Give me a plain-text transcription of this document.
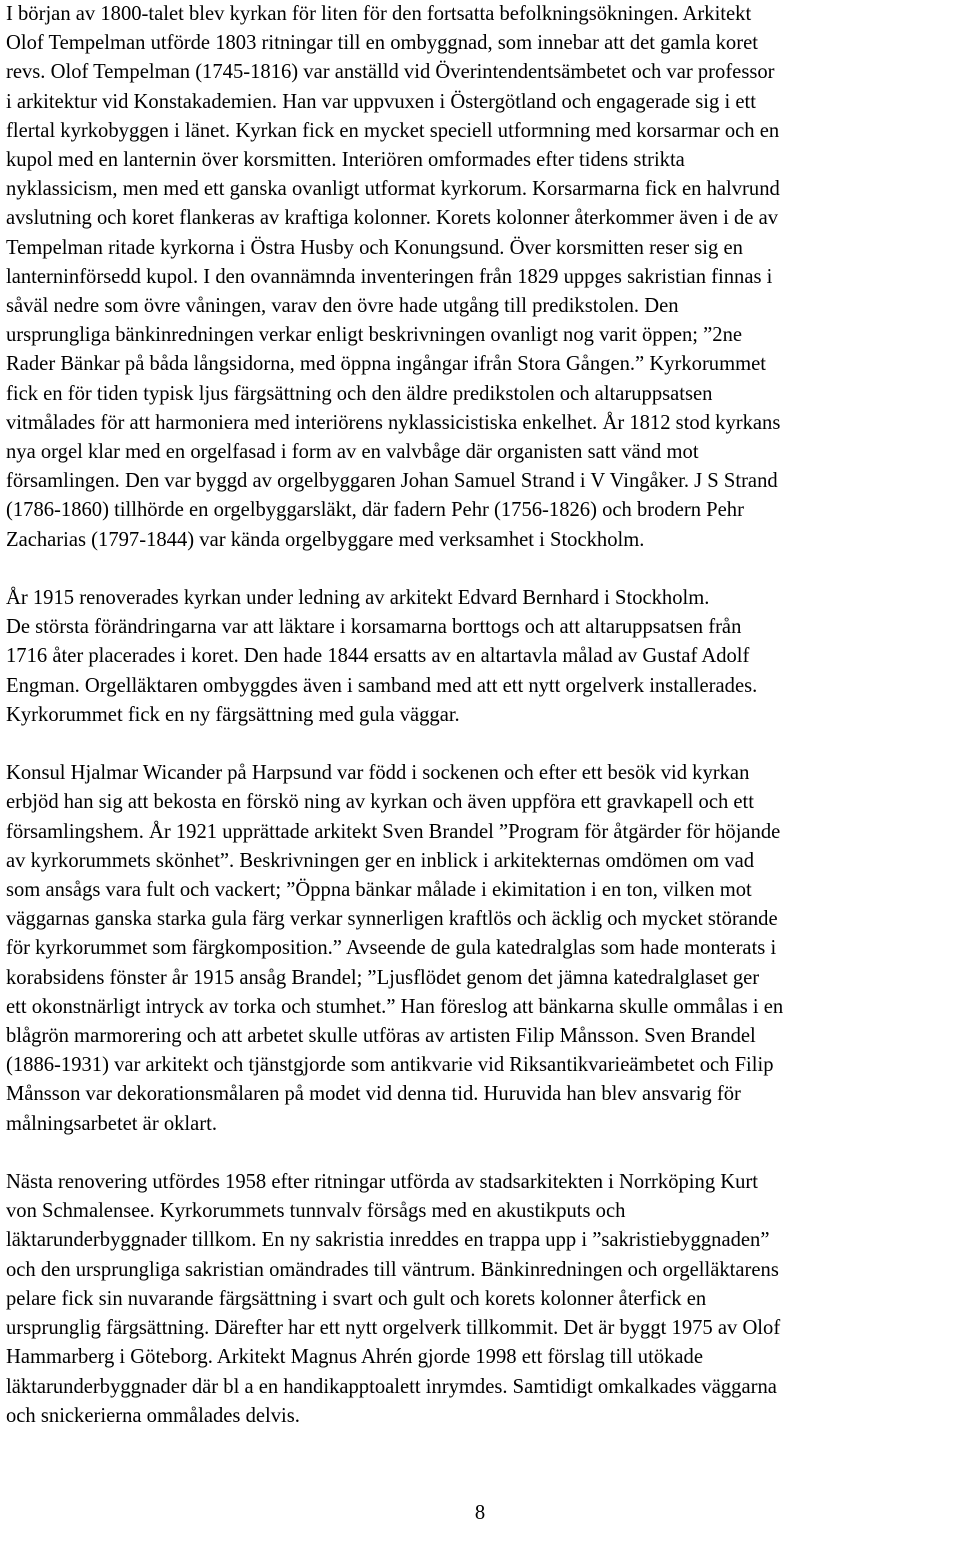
I början av 1800-talet blev kyrkan för liten för den fortsatta befolkningsökningen. Arkitekt
Olof Tempelman utförde 1803 ritningar till en ombyggnad, som innebar att det gamla koret
revs. Olof Tempelman (1745-1816) var anställd vid Överintendentsämbetet och var professor
i arkitektur vid Konstakademien. Han var uppvuxen i Östergötland och engagerade sig i ett
flertal kyrkobyggen i länet. Kyrkan fick en mycket speciell utformning med korsarmar och en
kupol med en lanternin över korsmitten. Interiören omformades efter tidens strikta
nyklassicism, men med ett ganska ovanligt utformat kyrkorum. Korsarmarna fick en halvrund
avslutning och koret flankeras av kraftiga kolonner. Korets kolonner återkommer även i de av
Tempelman ritade kyrkorna i Östra Husby och Konungsund. Över korsmitten reser sig en
lanterninförsedd kupol. I den ovannämnda inventeringen från 1829 uppges sakristian finnas i
såväl nedre som övre våningen, varav den övre hade utgång till predikstolen. Den
ursprungliga bänkinredningen verkar enligt beskrivningen ovanligt nog varit öppen; ”2ne
Rader Bänkar på båda långsidorna, med öppna ingångar ifrån Stora Gången.” Kyrkorummet
fick en för tiden typisk ljus färgsättning och den äldre predikstolen och altaruppsatsen
vitmålades för att harmoniera med interiörens nyklassicistiska enkelhet. År 1812 stod kyrkans
nya orgel klar med en orgelfasad i form av en valvbåge där organisten satt vänd mot
församlingen. Den var byggd av orgelbyggaren Johan Samuel Strand i V Vingåker. J S Strand
(1786-1860) tillhörde en orgelbyggarsläkt, där fadern Pehr (1756-1826) och brodern Pehr
Zacharias (1797-1844) var kända orgelbyggare med verksamhet i Stockholm.

År 1915 renoverades kyrkan under ledning av arkitekt Edvard Bernhard i Stockholm.
De största förändringarna var att läktare i korsamarna borttogs och att altaruppsatsen från
1716 åter placerades i koret. Den hade 1844 ersatts av en altartavla målad av Gustaf Adolf
Engman. Orgelläktaren ombyggdes även i samband med att ett nytt orgelverk installerades.
Kyrkorummet fick en ny färgsättning med gula väggar.

Konsul Hjalmar Wicander på Harpsund var född i sockenen och efter ett besök vid kyrkan
erbjöd han sig att bekosta en förskö ning av kyrkan och även uppföra ett gravkapell och ett
församlingshem. År 1921 upprättade arkitekt Sven Brandel ”Program för åtgärder för höjande
av kyrkorummets skönhet”. Beskrivningen ger en inblick i arkitekternas omdömen om vad
som ansågs vara fult och vackert; ”Öppna bänkar målade i ekimitation i en ton, vilken mot
väggarnas ganska starka gula färg verkar synnerligen kraftlös och äcklig och mycket störande
för kyrkorummet som färgkomposition.” Avseende de gula katedralglas som hade monterats i
korabsidens fönster år 1915 ansåg Brandel; ”Ljusflödet genom det jämna katedralglaset ger
ett okonstnärligt intryck av torka och stumhet.” Han föreslog att bänkarna skulle ommålas i en
blågrön marmorering och att arbetet skulle utföras av artisten Filip Månsson. Sven Brandel
(1886-1931) var arkitekt och tjänstgjorde som antikvarie vid Riksantikvarieämbetet och Filip
Månsson var dekorationsmålaren på modet vid denna tid. Huruvida han blev ansvarig för
målningsarbetet är oklart.

Nästa renovering utfördes 1958 efter ritningar utförda av stadsarkitekten i Norrköping Kurt
von Schmalensee. Kyrkorummets tunnvalv försågs med en akustikputs och
läktarunderbyggnader tillkom. En ny sakristia inreddes en trappa upp i ”sakristiebyggnaden”
och den ursprungliga sakristian omändrades till väntrum. Bänkinredningen och orgelläktarens
pelare fick sin nuvarande färgsättning i svart och gult och korets kolonner återfick en
ursprunglig färgsättning. Därefter har ett nytt orgelverk tillkommit. Det är byggt 1975 av Olof
Hammarberg i Göteborg. Arkitekt Magnus Ahrén gjorde 1998 ett förslag till utökade
läktarunderbyggnader där bl a en handikapptoalett inrymdes. Samtidigt omkalkades väggarna
och snickerierna ommålades delvis.

8
